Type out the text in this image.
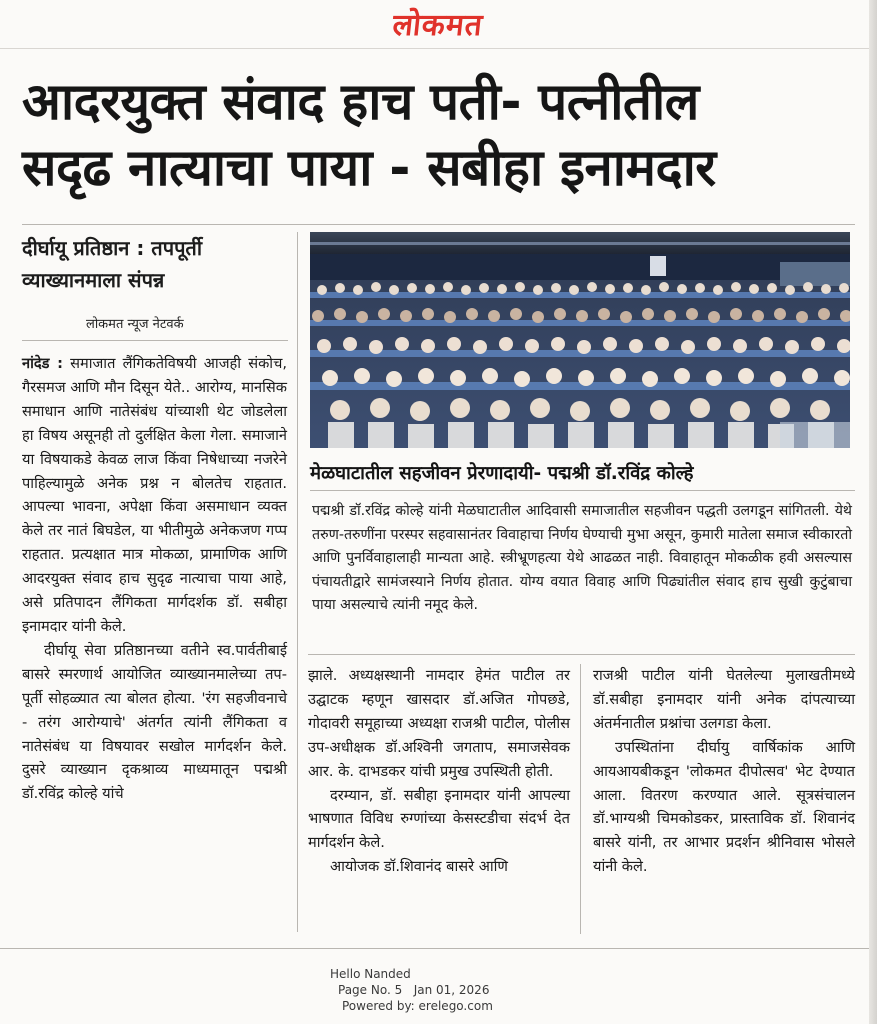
लोकमत
आदरयुक्त संवाद हाच पती- पत्नीतील
सदृढ नात्याचा पाया - सबीहा इनामदार
दीर्घायू प्रतिष्ठान : तपपूर्ती
व्याख्यानमाला संपन्न
लोकमत न्यूज नेटवर्क
मेळघाटातील सहजीवन प्रेरणादायी- पद्मश्री डॉ.रविंद्र कोल्हे
पद्मश्री डॉ.रविंद्र कोल्हे यांनी मेळघाटातील आदिवासी समाजातील सहजीवन पद्धती उलगडून सांगितली. येथे तरुण-तरुणींना परस्पर सहवासानंतर विवाहाचा निर्णय घेण्याची मुभा असून, कुमारी मातेला समाज स्वीकारतो आणि पुनर्विवाहालाही मान्यता आहे. स्त्रीभ्रूणहत्या येथे आढळत नाही. विवाहातून मोकळीक हवी असल्यास पंचायतीद्वारे सामंजस्याने निर्णय होतात. योग्य वयात विवाह आणि पिढ्यांतील संवाद हाच सुखी कुटुंबाचा पाया असल्याचे त्यांनी नमूद केले.

नांदेड : समाजात लैंगिकतेविषयी आजही संकोच, गैरसमज आणि मौन दिसून येते.. आरोग्य, मानसिक समाधान आणि नातेसंबंध यांच्याशी थेट जोडलेला हा विषय असूनही तो दुर्लक्षित केला गेला. समाजाने या विषयाकडे केवळ लाज किंवा निषेधाच्या नजरेने पाहिल्यामुळे अनेक प्रश्न न बोलतेच राहतात. आपल्या भावना, अपेक्षा किंवा असमाधान व्यक्त केले तर नातं बिघडेल, या भीतीमुळे अनेकजण गप्प राहतात. प्रत्यक्षात मात्र मोकळा, प्रामाणिक आणि आदरयुक्त संवाद हाच सुदृढ नात्याचा पाया आहे, असे प्रतिपादन लैंगिकता मार्गदर्शक डॉ. सबीहा इनामदार यांनी केले.

दीर्घायू सेवा प्रतिष्ठानच्या वतीने स्व.पार्वतीबाई बासरे स्मरणार्थ आयोजित व्याख्यानमालेच्या तप-पूर्ती सोहळ्यात त्या बोलत होत्या. 'रंग सहजीवनाचे - तरंग आरोग्याचे' अंतर्गत त्यांनी लैंगिकता व नातेसंबंध या विषयावर सखोल मार्गदर्शन केले. दुसरे व्याख्यान दृकश्राव्य माध्यमातून पद्मश्री डॉ.रविंद्र कोल्हे यांचे

झाले. अध्यक्षस्थानी नामदार हेमंत पाटील तर उद्घाटक म्हणून खासदार डॉ.अजित गोपछडे, गोदावरी समूहाच्या अध्यक्षा राजश्री पाटील, पोलीस उप-अधीक्षक डॉ.अश्विनी जगताप, समाजसेवक आर. के. दाभडकर यांची प्रमुख उपस्थिती होती.

दरम्यान, डॉ. सबीहा इनामदार यांनी आपल्या भाषणात विविध रुग्णांच्या केसस्टडीचा संदर्भ देत मार्गदर्शन केले.

आयोजक डॉ.शिवानंद बासरे आणि

राजश्री पाटील यांनी घेतलेल्या मुलाखतीमध्ये डॉ.सबीहा इनामदार यांनी अनेक दांपत्याच्या अंतर्मनातील प्रश्नांचा उलगडा केला.

उपस्थितांना दीर्घायु वार्षिकांक आणि आयआयबीकडून 'लोकमत दीपोत्सव' भेट देण्यात आला. वितरण करण्यात आले. सूत्रसंचालन डॉ.भाग्यश्री चिमकोडकर, प्रास्ताविक डॉ. शिवानंद बासरे यांनी, तर आभार प्रदर्शन श्रीनिवास भोसले यांनी केले.

Hello Nanded
Page No. 5 Jan 01, 2026
Powered by: erelego.com
